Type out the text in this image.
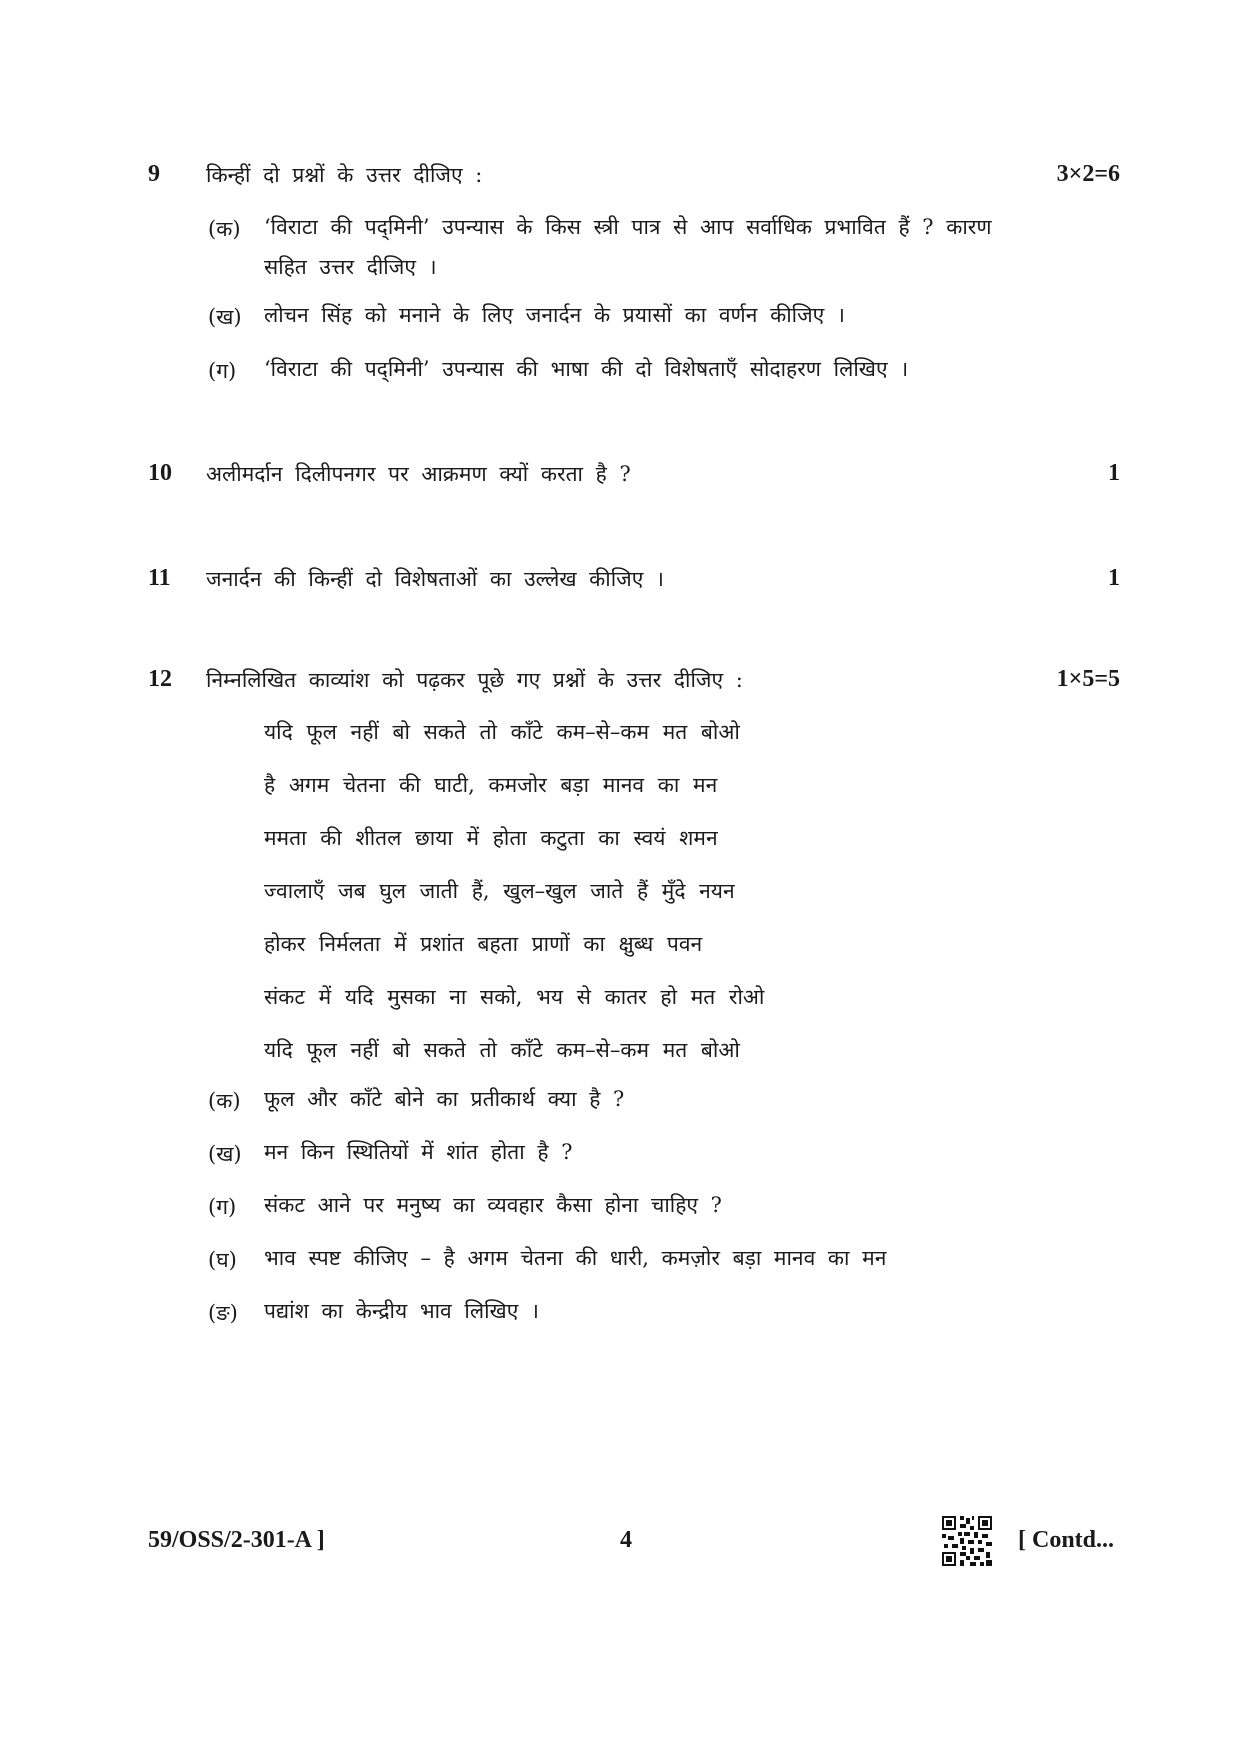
9 किन्हीं दो प्रश्नों के उत्तर दीजिए :	3×2=6
(क) ‘विराटा की पद्‌मिनी’ उपन्यास के किस स्त्री पात्र से आप सर्वाधिक प्रभावित हैं ? कारण सहित उत्तर दीजिए ।
(ख) लोचन सिंह को मनाने के लिए जनार्दन के प्रयासों का वर्णन कीजिए ।
(ग) ‘विराटा की पद्‌मिनी’ उपन्यास की भाषा की दो विशेषताएँ सोदाहरण लिखिए ।
10 अलीमर्दान दिलीपनगर पर आक्रमण क्यों करता है ?	1
11 जनार्दन की किन्हीं दो विशेषताओं का उल्लेख कीजिए ।	1
12 निम्नलिखित काव्यांश को पढ़कर पूछे गए प्रश्नों के उत्तर दीजिए :	1×5=5
यदि फूल नहीं बो सकते तो काँटे कम–से–कम मत बोओ
है अगम चेतना की घाटी, कमजोर बड़ा मानव का मन
ममता की शीतल छाया में होता कटुता का स्वयं शमन
ज्वालाएँ जब घुल जाती हैं, खुल–खुल जाते हैं मुँदे नयन
होकर निर्मलता में प्रशांत बहता प्राणों का क्षुब्ध पवन
संकट में यदि मुसका ना सको, भय से कातर हो मत रोओ
यदि फूल नहीं बो सकते तो काँटे कम–से–कम मत बोओ
(क) फूल और काँटे बोने का प्रतीकार्थ क्या है ?
(ख) मन किन स्थितियों में शांत होता है ?
(ग) संकट आने पर मनुष्य का व्यवहार कैसा होना चाहिए ?
(घ) भाव स्पष्ट कीजिए – है अगम चेतना की धारी, कमज़ोर बड़ा मानव का मन
(ङ) पद्यांश का केन्द्रीय भाव लिखिए ।
59/OSS/2-301-A ]	4	[ Contd...
